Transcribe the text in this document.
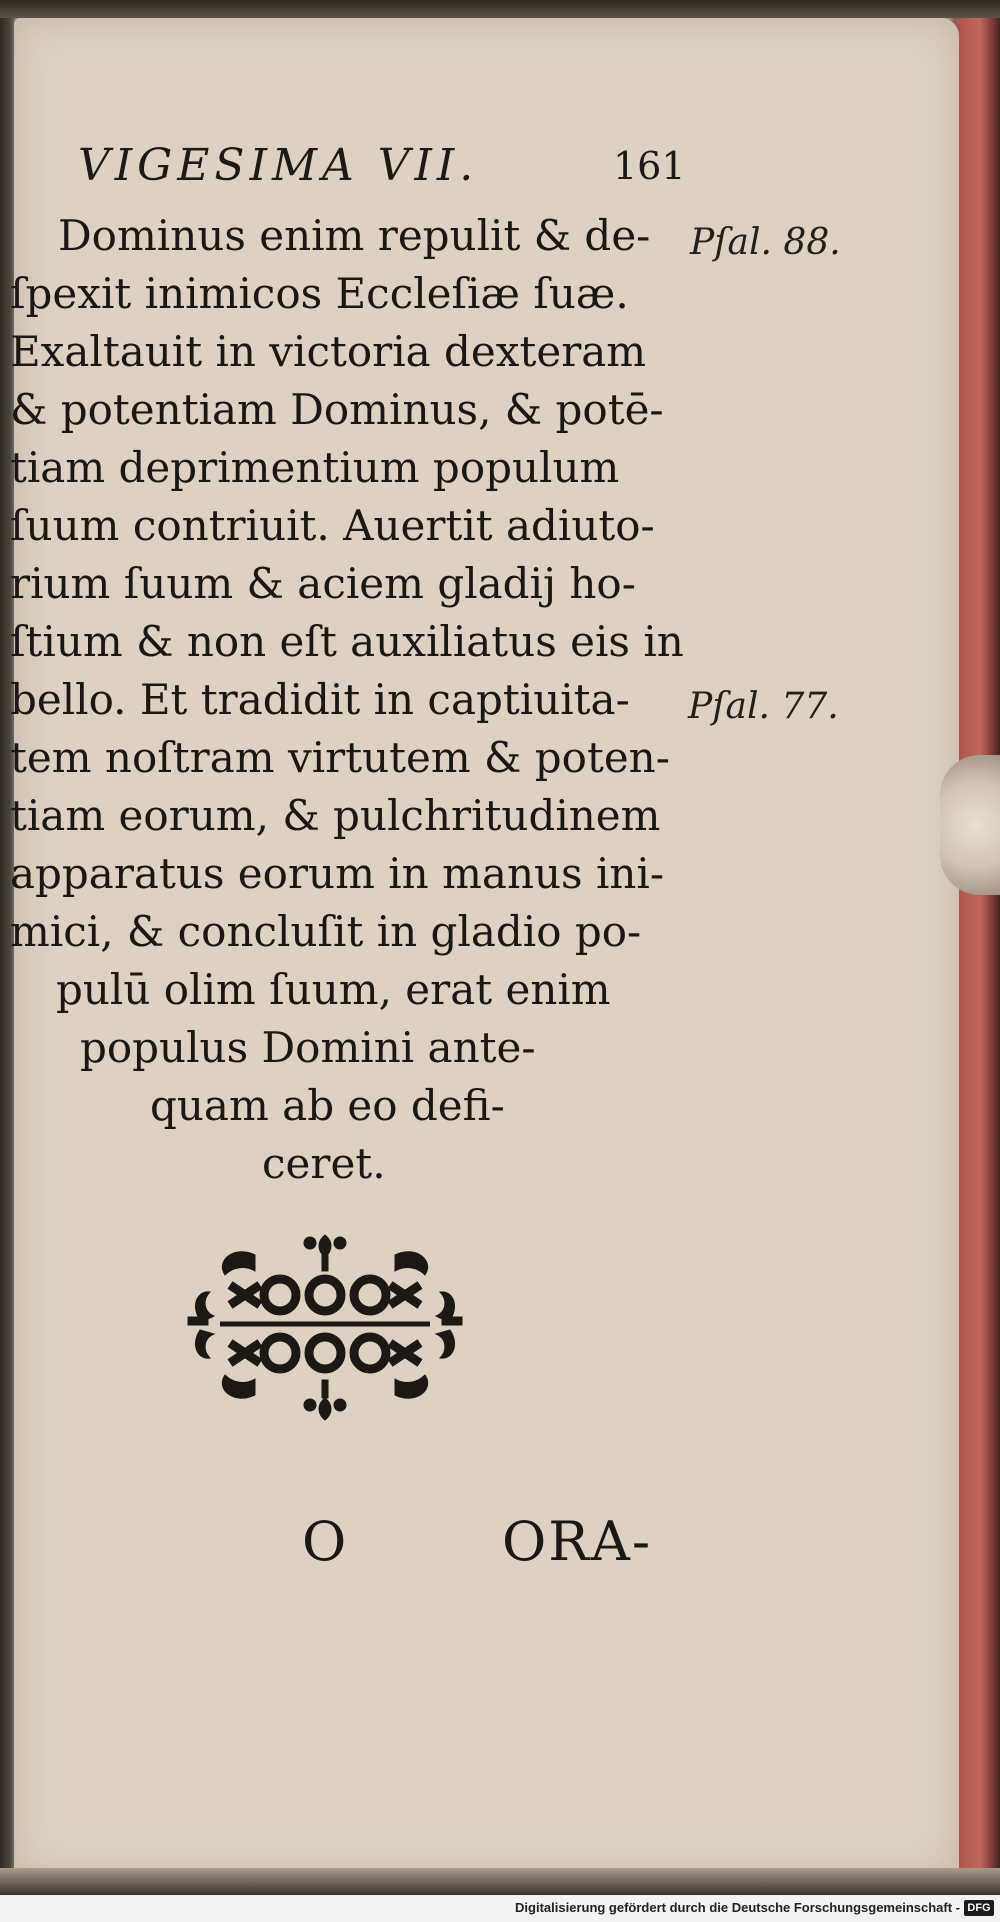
VIGESIMA VII.	161
Dominus enim repulit & de-
ſpexit inimicos Eccleſiæ ſuæ.
Exaltauit in victoria dexteram
& potentiam Dominus, & potē-
tiam deprimentium populum
ſuum contriuit. Auertit adiuto-
rium ſuum & aciem gladij ho-
ſtium & non eſt auxiliatus eis in
bello. Et tradidit in captiuita-
tem noſtram virtutem & poten-
tiam eorum, & pulchritudinem
apparatus eorum in manus ini-
mici, & concluſit in gladio po-
pulū olim ſuum, erat enim
populus Domini ante-
quam ab eo defi-
ceret.
Pſal. 88.
Pſal. 77.
O	ORA-
Digitalisierung gefördert durch die Deutsche Forschungsgemeinschaft - DFG
